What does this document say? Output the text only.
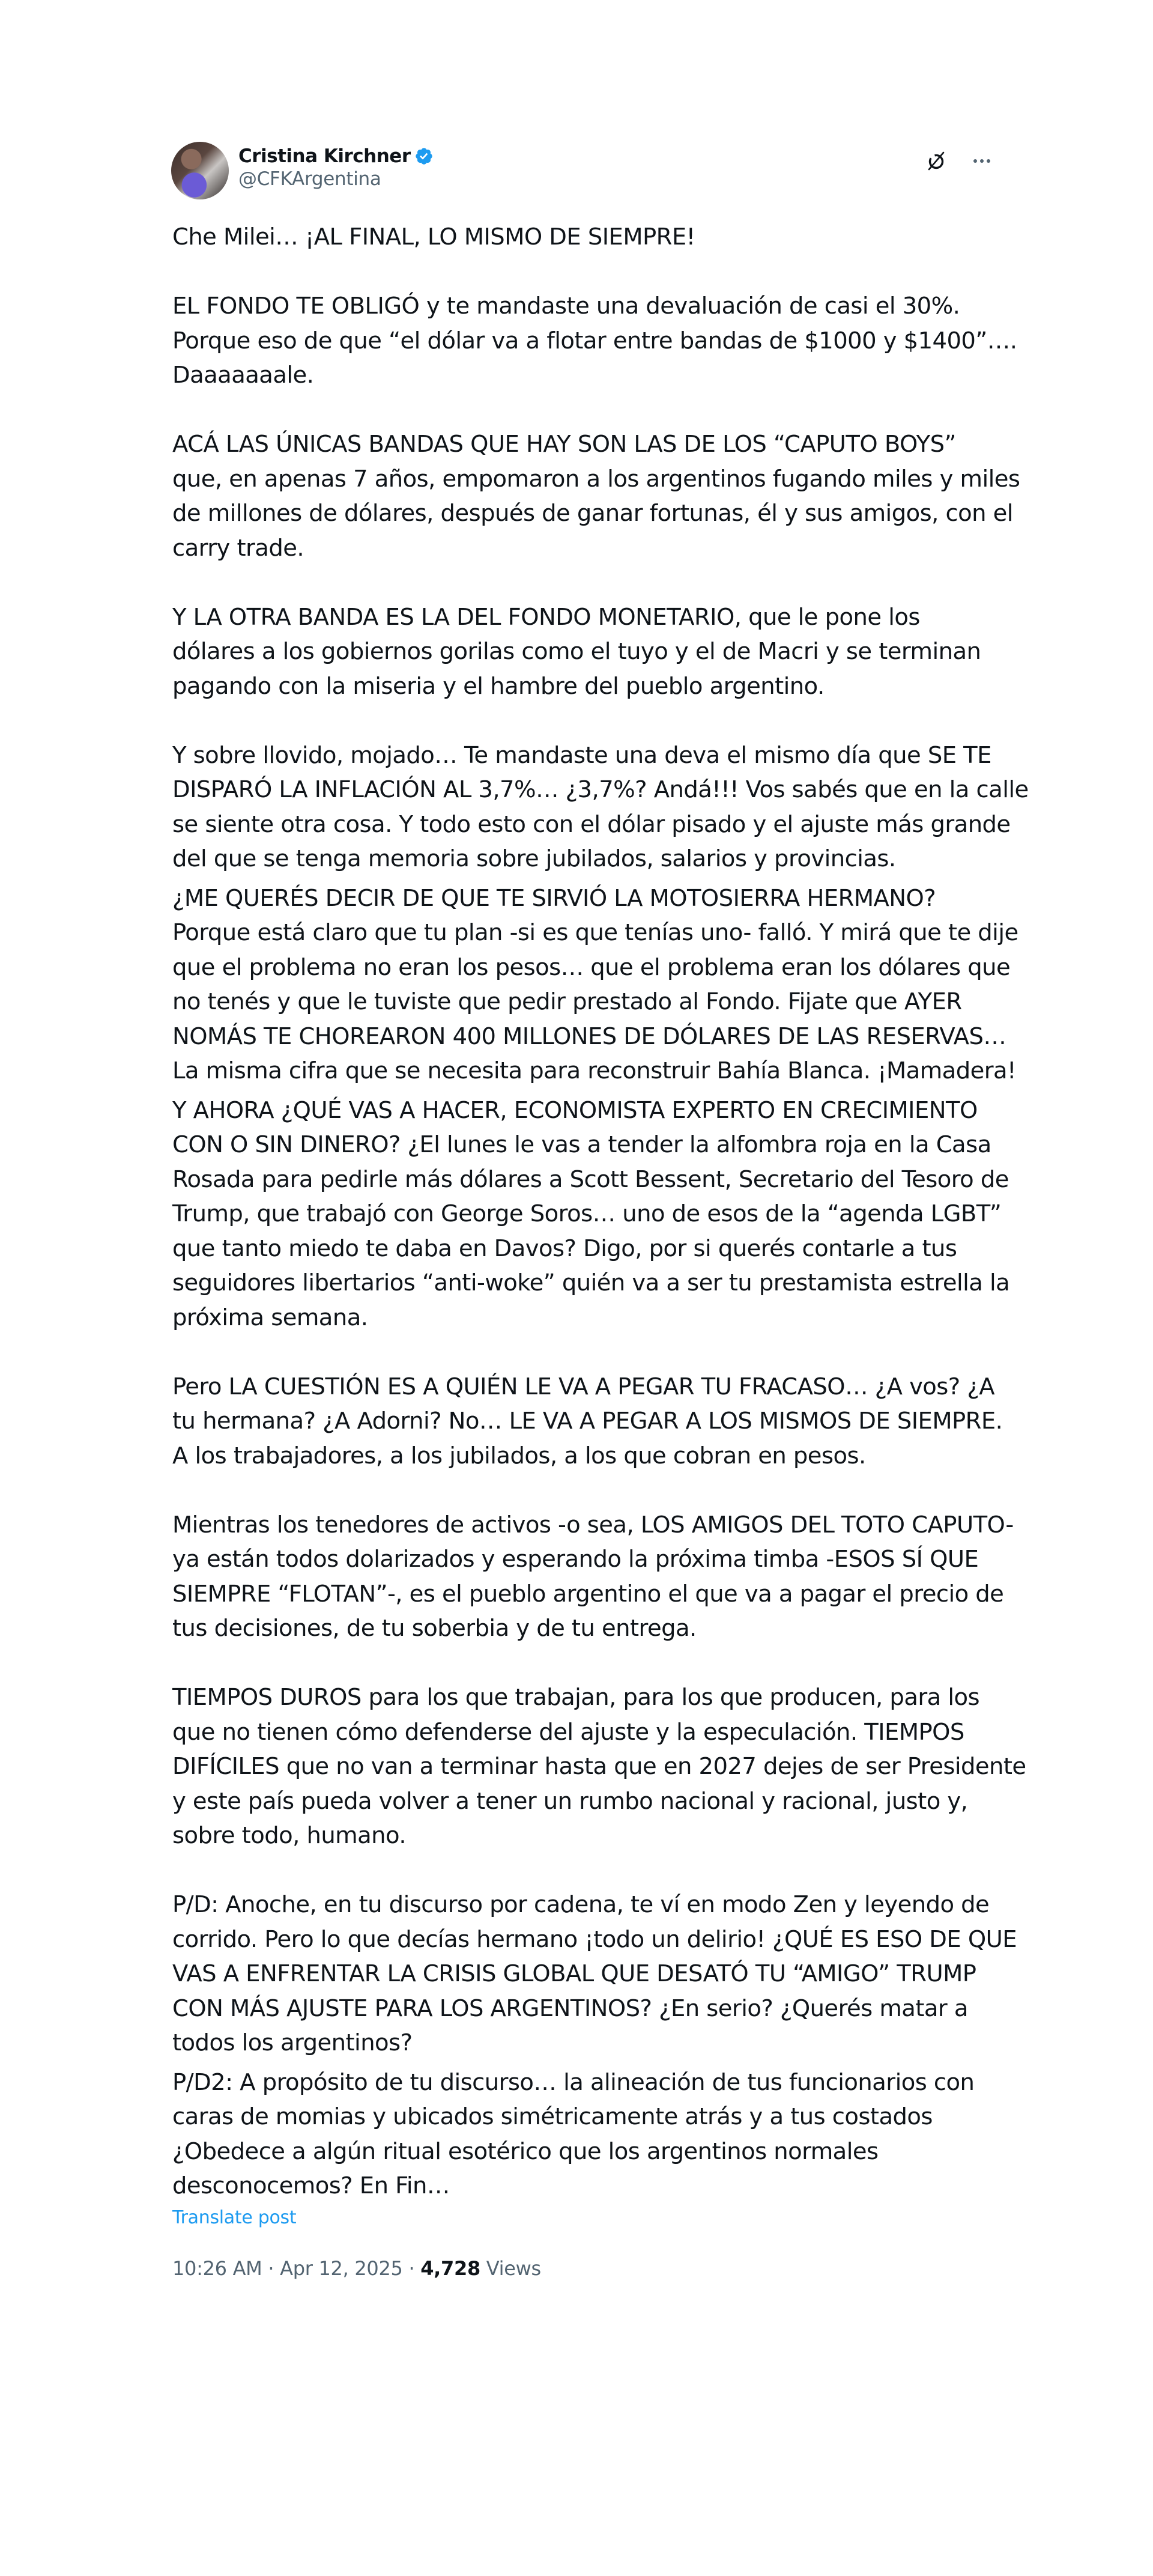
Cristina Kirchner
@CFKArgentina

Che Milei… ¡AL FINAL, LO MISMO DE SIEMPRE!

EL FONDO TE OBLIGÓ y te mandaste una devaluación de casi el 30%.
Porque eso de que “el dólar va a flotar entre bandas de $1000 y $1400”….
Daaaaaaale.

ACÁ LAS ÚNICAS BANDAS QUE HAY SON LAS DE LOS “CAPUTO BOYS”
que, en apenas 7 años, empomaron a los argentinos fugando miles y miles
de millones de dólares, después de ganar fortunas, él y sus amigos, con el
carry trade.

Y LA OTRA BANDA ES LA DEL FONDO MONETARIO, que le pone los
dólares a los gobiernos gorilas como el tuyo y el de Macri y se terminan
pagando con la miseria y el hambre del pueblo argentino.

Y sobre llovido, mojado… Te mandaste una deva el mismo día que SE TE
DISPARÓ LA INFLACIÓN AL 3,7%… ¿3,7%? Andá!!! Vos sabés que en la calle
se siente otra cosa. Y todo esto con el dólar pisado y el ajuste más grande
del que se tenga memoria sobre jubilados, salarios y provincias.

¿ME QUERÉS DECIR DE QUE TE SIRVIÓ LA MOTOSIERRA HERMANO?
Porque está claro que tu plan -si es que tenías uno- falló. Y mirá que te dije
que el problema no eran los pesos… que el problema eran los dólares que
no tenés y que le tuviste que pedir prestado al Fondo. Fijate que AYER
NOMÁS TE CHOREARON 400 MILLONES DE DÓLARES DE LAS RESERVAS…
La misma cifra que se necesita para reconstruir Bahía Blanca. ¡Mamadera!

Y AHORA ¿QUÉ VAS A HACER, ECONOMISTA EXPERTO EN CRECIMIENTO
CON O SIN DINERO? ¿El lunes le vas a tender la alfombra roja en la Casa
Rosada para pedirle más dólares a Scott Bessent, Secretario del Tesoro de
Trump, que trabajó con George Soros… uno de esos de la “agenda LGBT”
que tanto miedo te daba en Davos? Digo, por si querés contarle a tus
seguidores libertarios “anti-woke” quién va a ser tu prestamista estrella la
próxima semana.

Pero LA CUESTIÓN ES A QUIÉN LE VA A PEGAR TU FRACASO… ¿A vos? ¿A
tu hermana? ¿A Adorni? No… LE VA A PEGAR A LOS MISMOS DE SIEMPRE.
A los trabajadores, a los jubilados, a los que cobran en pesos.

Mientras los tenedores de activos -o sea, LOS AMIGOS DEL TOTO CAPUTO-
ya están todos dolarizados y esperando la próxima timba -ESOS SÍ QUE
SIEMPRE “FLOTAN”-, es el pueblo argentino el que va a pagar el precio de
tus decisiones, de tu soberbia y de tu entrega.

TIEMPOS DUROS para los que trabajan, para los que producen, para los
que no tienen cómo defenderse del ajuste y la especulación. TIEMPOS
DIFÍCILES que no van a terminar hasta que en 2027 dejes de ser Presidente
y este país pueda volver a tener un rumbo nacional y racional, justo y,
sobre todo, humano.

P/D: Anoche, en tu discurso por cadena, te ví en modo Zen y leyendo de
corrido. Pero lo que decías hermano ¡todo un delirio! ¿QUÉ ES ESO DE QUE
VAS A ENFRENTAR LA CRISIS GLOBAL QUE DESATÓ TU “AMIGO” TRUMP
CON MÁS AJUSTE PARA LOS ARGENTINOS? ¿En serio? ¿Querés matar a
todos los argentinos?

P/D2: A propósito de tu discurso… la alineación de tus funcionarios con
caras de momias y ubicados simétricamente atrás y a tus costados
¿Obedece a algún ritual esotérico que los argentinos normales
desconocemos? En Fin…

Translate post
10:26 AM · Apr 12, 2025 · 4,728 Views
